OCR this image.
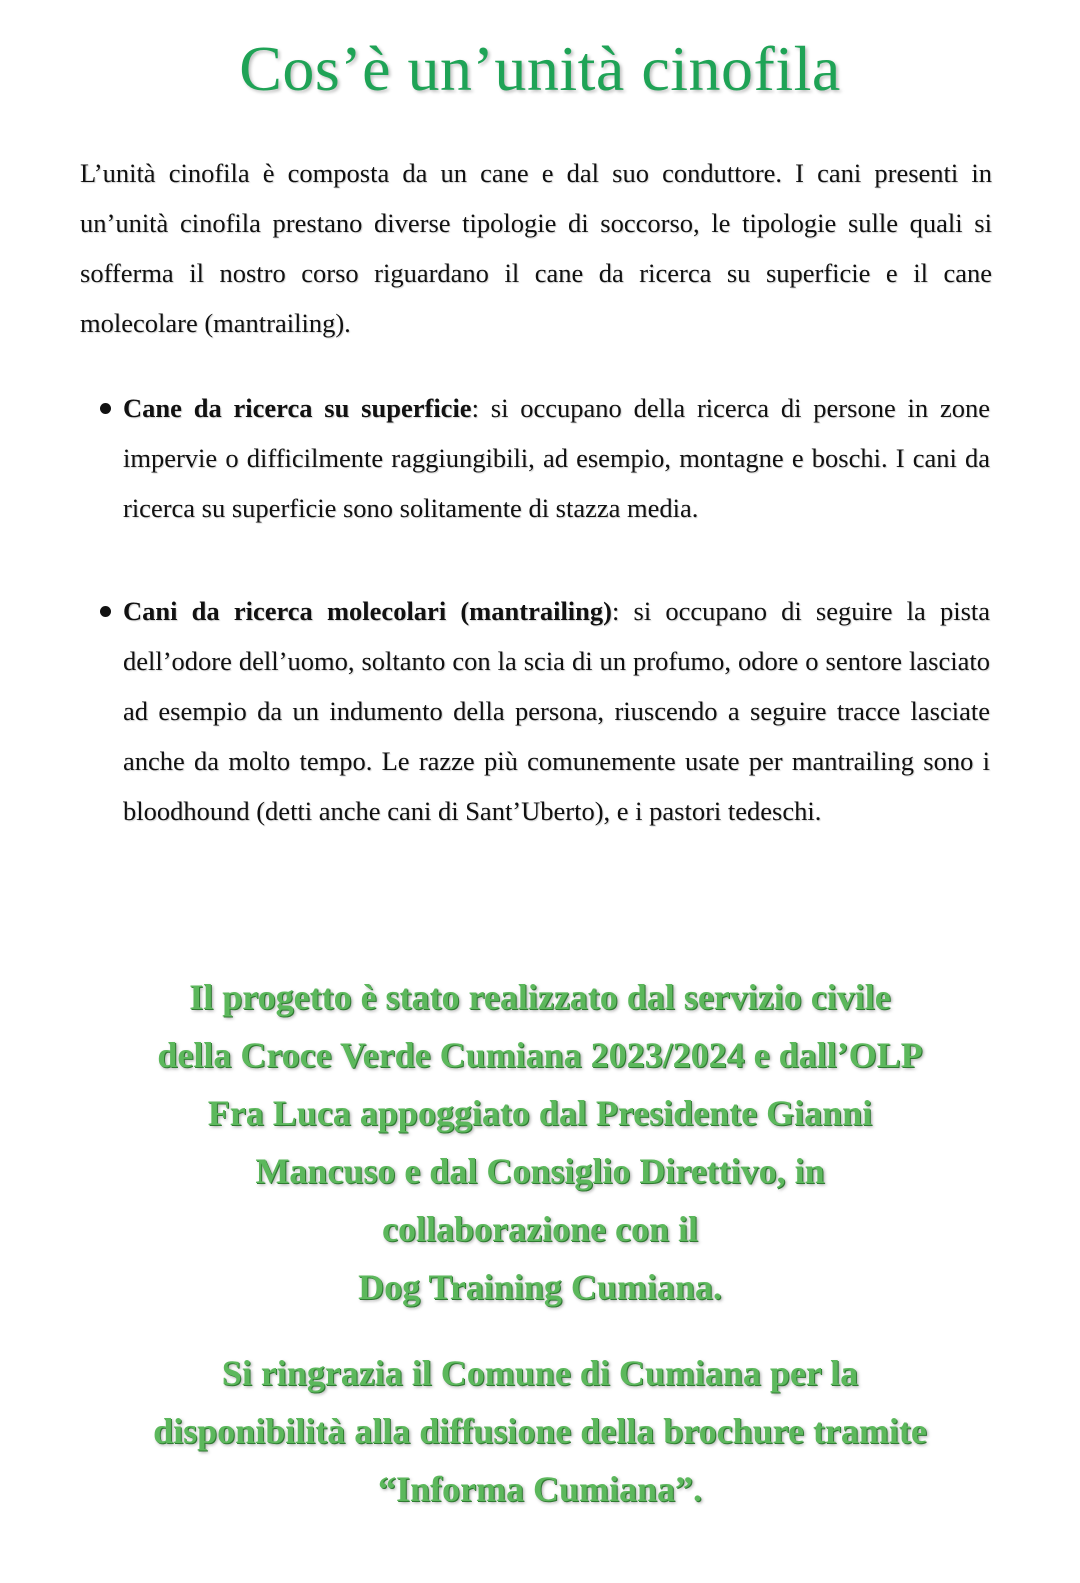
Cos’è un’unità cinofila

L’unità cinofila è composta da un cane e dal suo conduttore. I cani presenti in un’unità cinofila prestano diverse tipologie di soccorso, le tipologie sulle quali si sofferma il nostro corso riguardano il cane da ricerca su superficie e il cane molecolare (mantrailing).

Cane da ricerca su superficie: si occupano della ricerca di persone in zone impervie o difficilmente raggiungibili, ad esempio, montagne e boschi. I cani da ricerca su superficie sono solitamente di stazza media.
Cani da ricerca molecolari (mantrailing): si occupano di seguire la pista dell’odore dell’uomo, soltanto con la scia di un profumo, odore o sentore lasciato ad esempio da un indumento della persona, riuscendo a seguire tracce lasciate anche da molto tempo. Le razze più comunemente usate per mantrailing sono i bloodhound (detti anche cani di Sant’Uberto), e i pastori tedeschi.
Il progetto è stato realizzato dal servizio civile
della Croce Verde Cumiana 2023/2024 e dall’OLP
Fra Luca appoggiato dal Presidente Gianni
Mancuso e dal Consiglio Direttivo, in
collaborazione con il
Dog Training Cumiana.
Si ringrazia il Comune di Cumiana per la
disponibilità alla diffusione della brochure tramite
“Informa Cumiana”.
